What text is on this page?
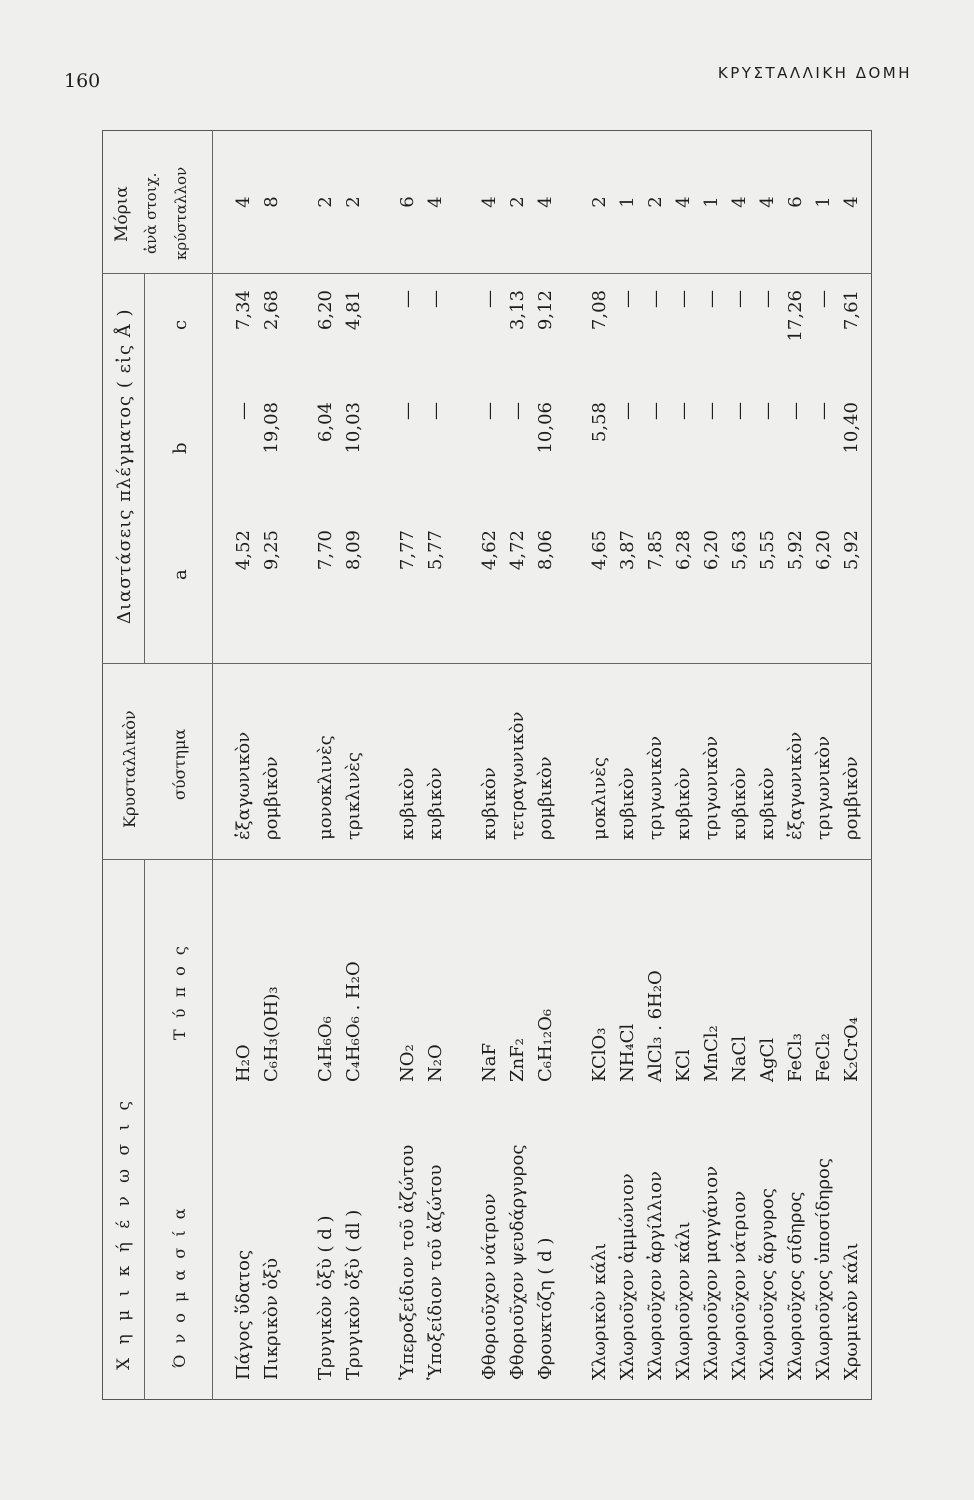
160	ΚΡΥΣΤΑΛΛΙΚΗ ΔΟΜΗ
Χ η μ ι κ ή έ ν ω σ ι ς Ό ν ο μ α σ ί α
Τ ύ π ο ς
Κρυσταλλικὸν σύστημα
Διαστάσεις πλέγματος ( εἰς Å ) a
b
c
Μόρια ἀνὰ στοιχ. κρύσταλλον
Πάγος ὕδατος
H₂O
ἑξαγωνικὸν
4,52
—
7,34
4
Πικρικὸν ὀξὺ
C₆H₃(OH)₃
ρομβικὸν
9,25
19,08
2,68
8
Τρυγικὸν ὀξὺ ( d )
C₄H₆O₆
μονοκλινὲς
7,70
6,04
6,20
2
Τρυγικὸν ὀξὺ ( dl )
C₄H₆O₆ . H₂O
τρικλινὲς
8,09
10,03
4,81
2
Ὑπεροξείδιον τοῦ ἀζώτου
NO₂
κυβικὸν
7,77
—
—
6
Ὑποξείδιον τοῦ ἀζώτου
N₂O
κυβικὸν
5,77
—
—
4
Φθοριοῦχον νάτριον
NaF
κυβικὸν
4,62
—
—
4
Φθοριοῦχον ψευδάργυρος
ZnF₂
τετραγωνικὸν
4,72
—
3,13
2
Φρουκτόζη ( d )
C₆H₁₂O₆
ρομβικὸν
8,06
10,06
9,12
4
Χλωρικὸν κάλι
KClO₃
μοκλινὲς
4,65
5,58
7,08
2
Χλωριοῦχον ἀμμώνιον
NH₄Cl
κυβικὸν
3,87
—
—
1
Χλωριοῦχον ἀργίλλιον
AlCl₃ . 6H₂O
τριγωνικὸν
7,85
—
—
2
Χλωριοῦχον κάλι
KCl
κυβικὸν
6,28
—
—
4
Χλωριοῦχον μαγγάνιον
MnCl₂
τριγωνικὸν
6,20
—
—
1
Χλωριοῦχον νάτριον
NaCl
κυβικὸν
5,63
—
—
4
Χλωριοῦχος ἄργυρος
AgCl
κυβικὸν
5,55
—
—
4
Χλωριοῦχος σίδηρος
FeCl₃
ἑξαγωνικὸν
5,92
—
17,26
6
Χλωριοῦχος ὑποσίδηρος
FeCl₂
τριγωνικὸν
6,20
—
—
1
Χρωμικὸν κάλι
K₂CrO₄
ρομβικὸν
5,92
10,40
7,61
4
